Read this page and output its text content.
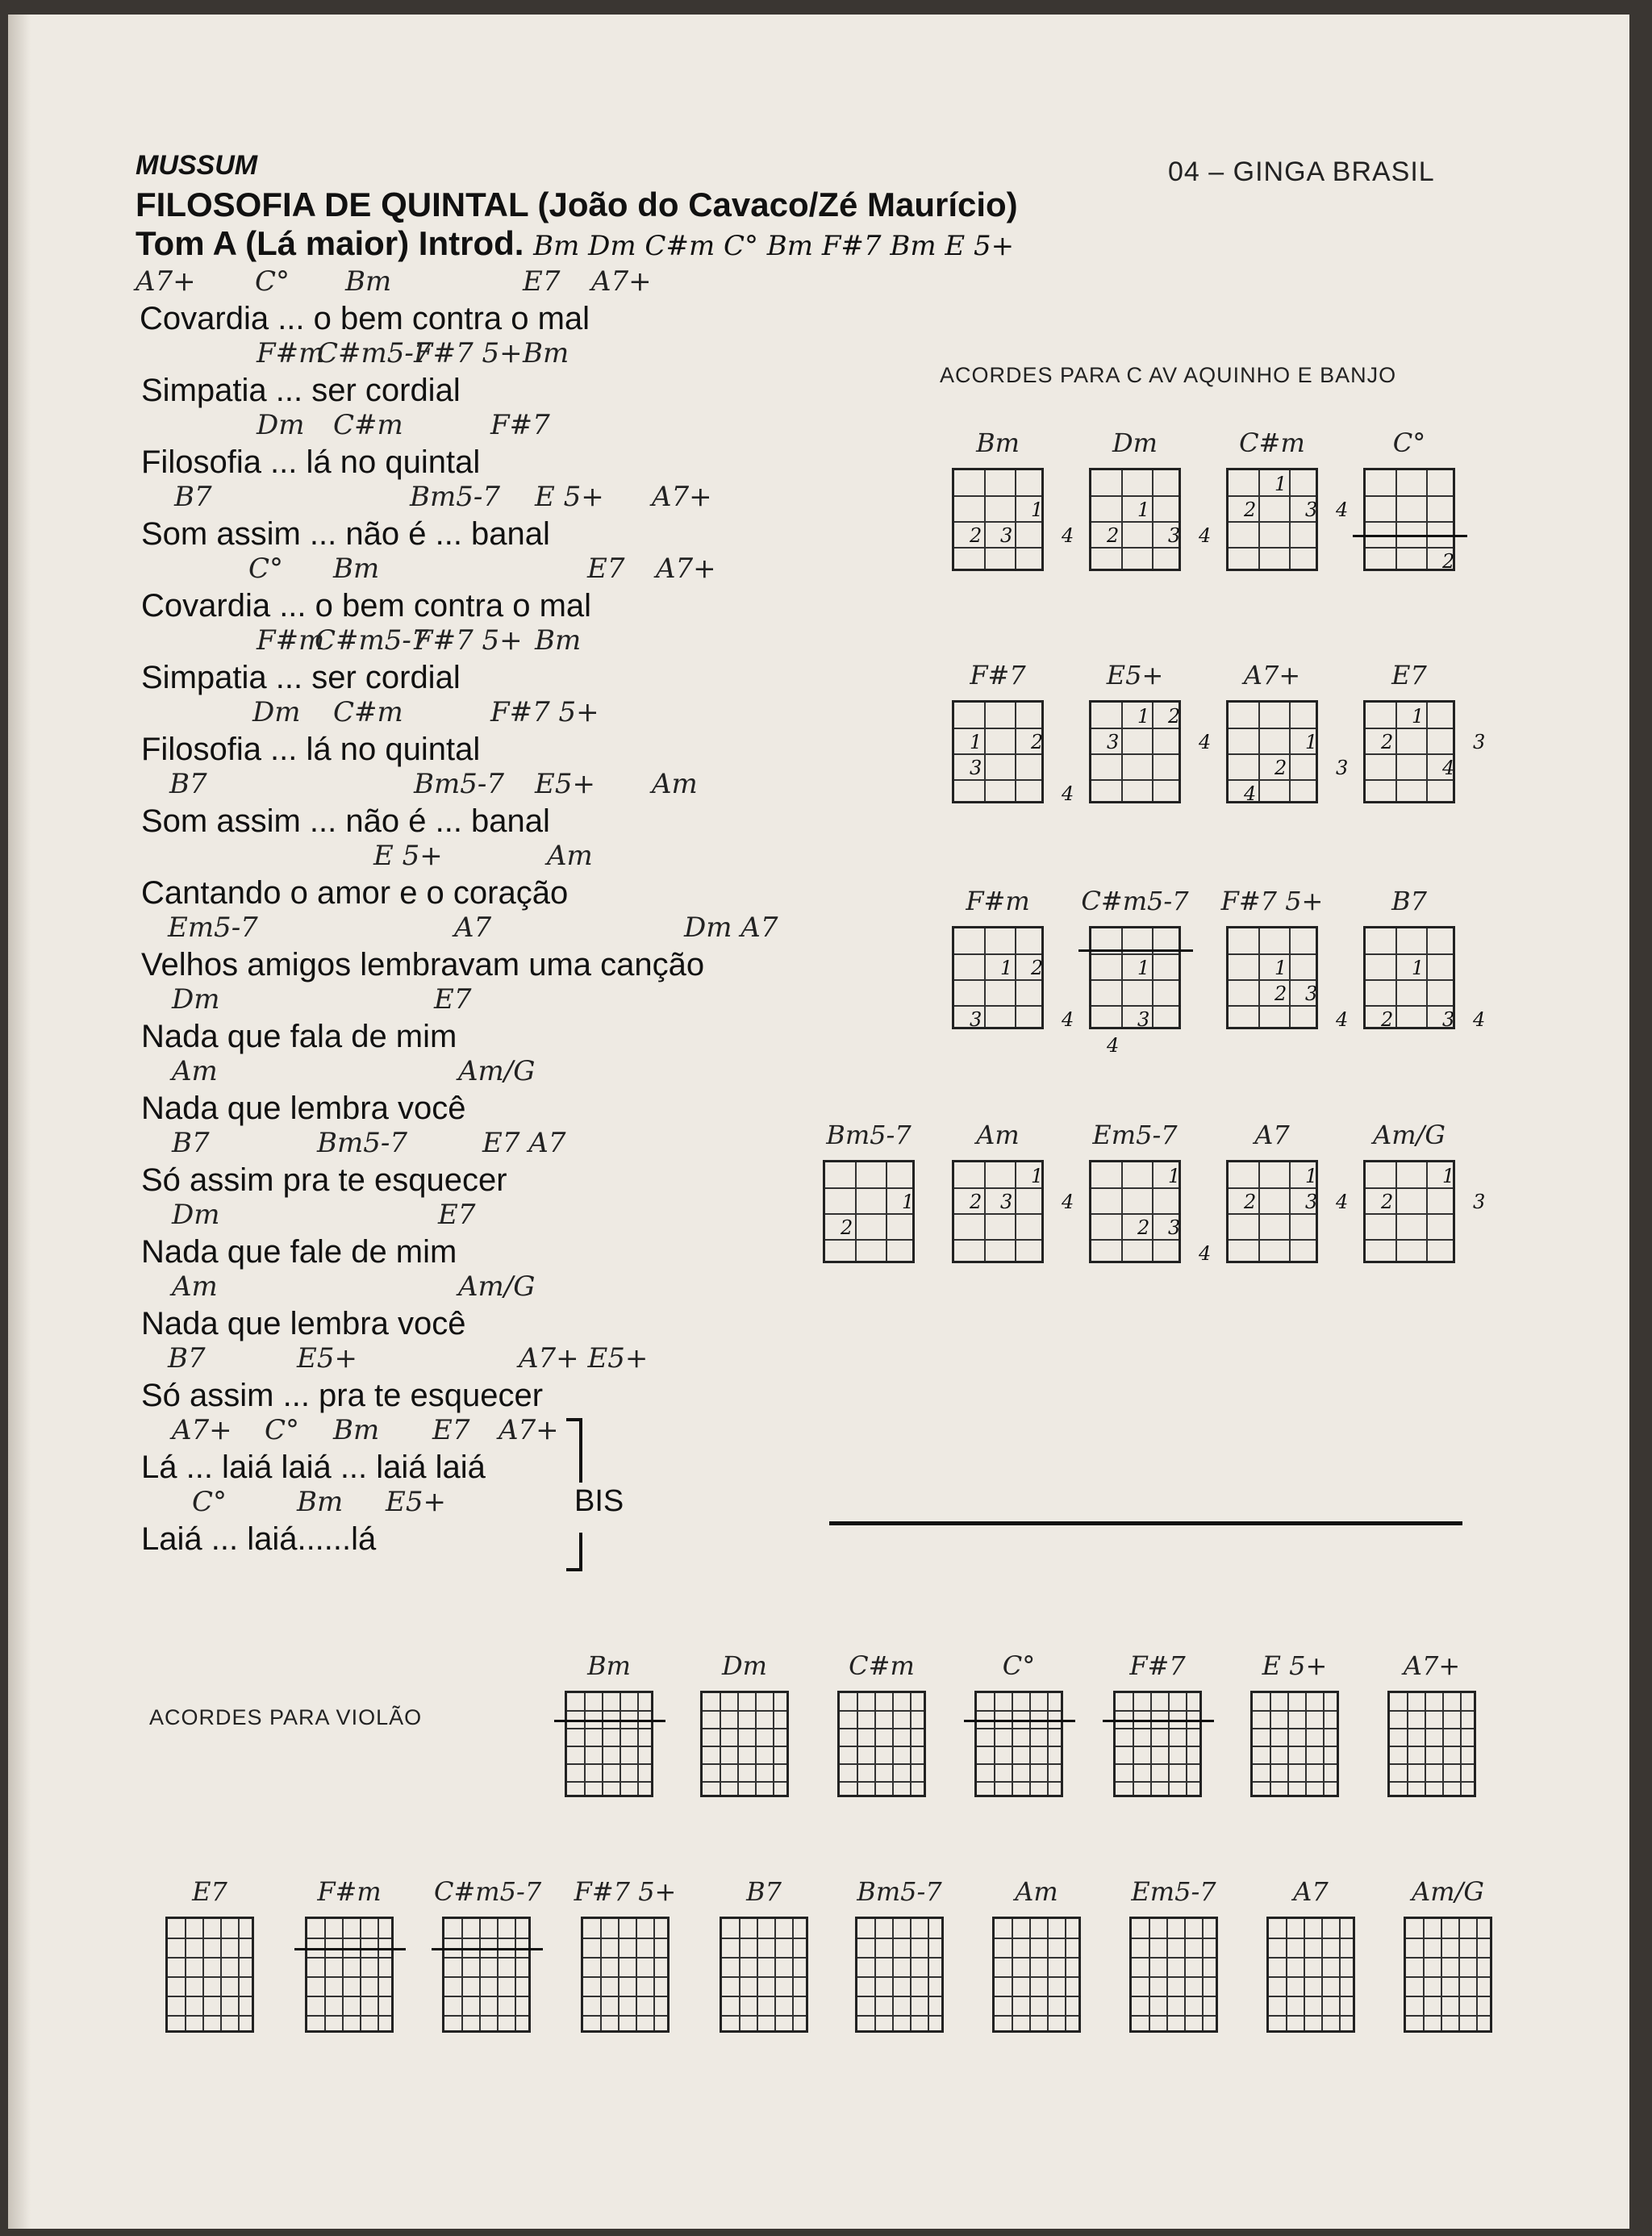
MUSSUM	04 – GINGA BRASIL
FILOSOFIA DE QUINTAL (João do Cavaco/Zé Maurício)
Tom A (Lá maior) Introd. Bm Dm C#m C° Bm F#7 Bm E 5+
A7+ C° Bm	E7 A7+
Covardia ... o bem contra o mal
F#m
C#m5-7
F#7 5+ Bm
Simpatia ... ser cordial
Dm C#m	F#7
Filosofia ... lá no quintal
B7	Bm5-7 E 5+ A7+
Som assim ... não é ... banal
C° Bm	E7 A7+
Covardia ... o bem contra o mal
F#m
C#m5-7
F#7 5+ Bm
Simpatia ... ser cordial
Dm C#m	F#7 5+
Filosofia ... lá no quintal
B7	Bm5-7 E5+ Am
Som assim ... não é ... banal
E 5+	Am
Cantando o amor e o coração
Em5-7	A7	Dm A7
Velhos amigos lembravam uma canção
Dm	E7
Nada que fala de mim
Am	Am/G
Nada que lembra você
B7	Bm5-7	E7 A7
Só assim pra te esquecer
Dm	E7
Nada que fale de mim
Am	Am/G
Nada que lembra você
B7	E5+	A7+ E5+
Só assim ... pra te esquecer
A7+ C° Bm E7 A7+
Lá ... laiá laiá ... laiá laiá
C°	Bm E5+
Laiá ... laiá......lá
BIS
ACORDES PARA C AV AQUINHO E BANJO
Bm
1
2 3	4
Dm
1
2	3 4
C#m
1
2	3 4
C°
2
F#7
1	2
3
4
E5+
1 2
3	4
A7+
1
2	3
4
E7
1
2	3
4
F#m
1 2
3	4
C#m5-7
1
3
4
F#7 5+
1
2 3
4
B7
1
2	3 4
Bm5-7
1
2
Am
1
2 3	4
Em5-7
1
2 3
4
A7
1
2	3 4
Am/G
1
2	3
ACORDES PARA VIOLÃO
Bm	Dm	C#m	C°	F#7	E 5+	A7+
E7	F#m	C#m5-7 F#7 5+	B7	Bm5-7	Am	Em5-7	A7	Am/G
